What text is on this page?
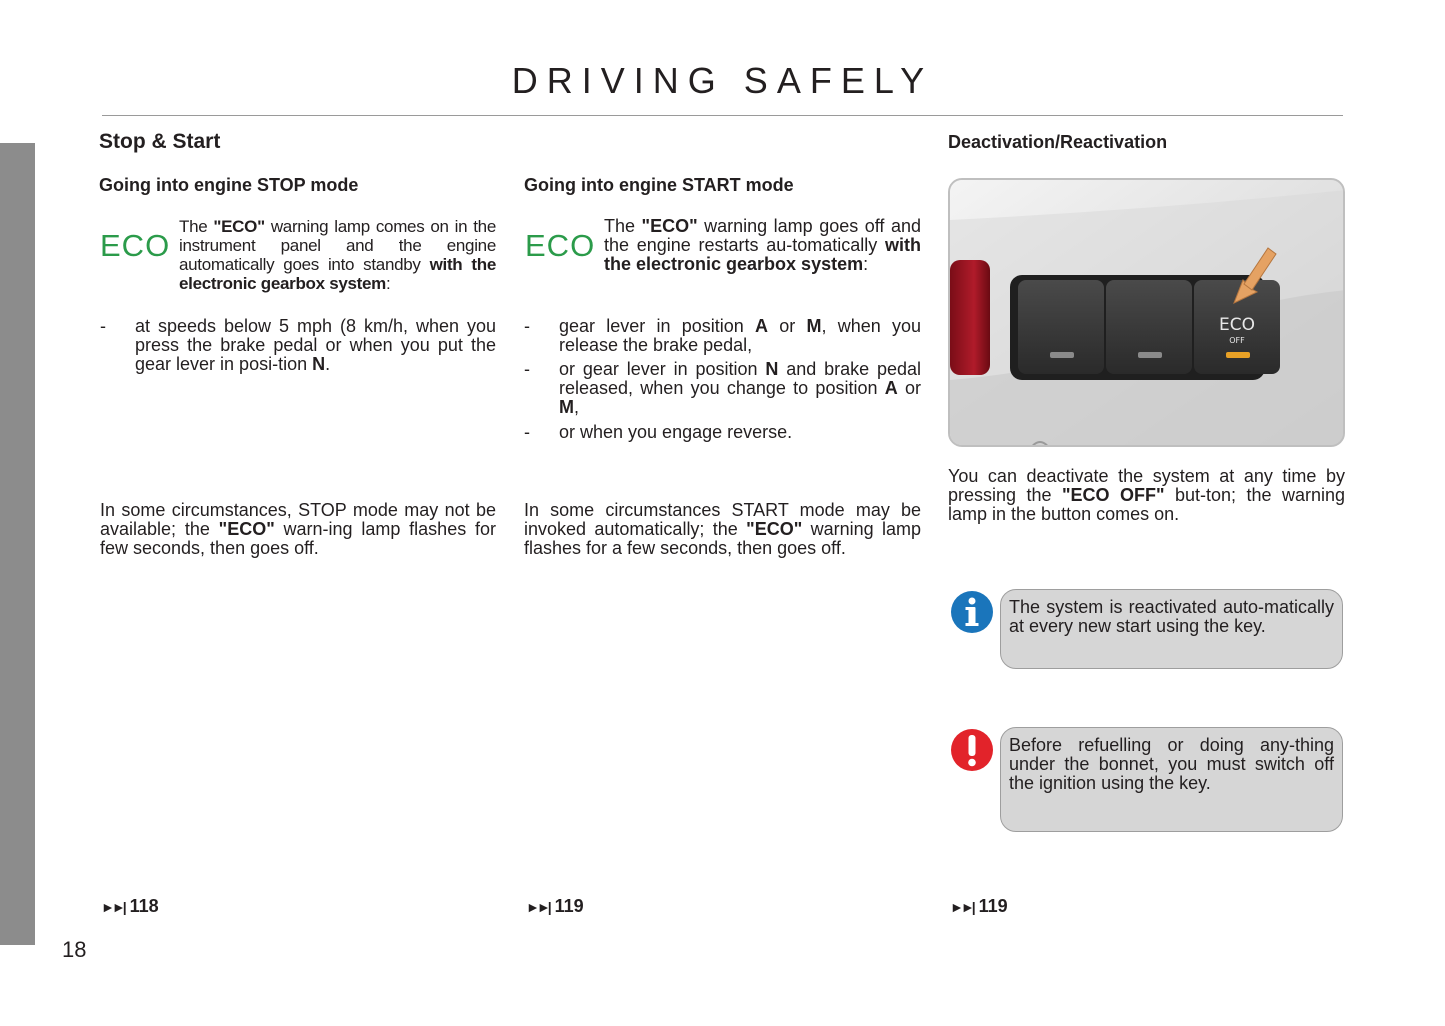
18
DRIVING SAFELY
Stop & Start
Going into engine STOP mode
ECO
The "ECO" warning lamp comes on in the instrument panel and the engine automatically goes into standby with the electronic gearbox system:
- at speeds below 5 mph (8 km/h, when you press the brake pedal or when you put the gear lever in posi-tion N.
In some circumstances, STOP mode may not be available; the "ECO" warn-ing lamp flashes for few seconds, then goes off.
►►| 118
Going into engine START mode
ECO
The "ECO" warning lamp goes off and the engine restarts au-tomatically with the electronic gearbox system:
- gear lever in position A or M, when you release the brake pedal,
- or gear lever in position N and brake pedal released, when you change to position A or M,
- or when you engage reverse.
In some circumstances START mode may be invoked automatically; the "ECO" warning lamp flashes for a few seconds, then goes off.
►►| 119
Deactivation/Reactivation
ECO
OFF
You can deactivate the system at any time by pressing the "ECO OFF" but-ton; the warning lamp in the button comes on.
The system is reactivated auto-matically at every new start using the key.
Before refuelling or doing any-thing under the bonnet, you must switch off the ignition using the key.
►►| 119
